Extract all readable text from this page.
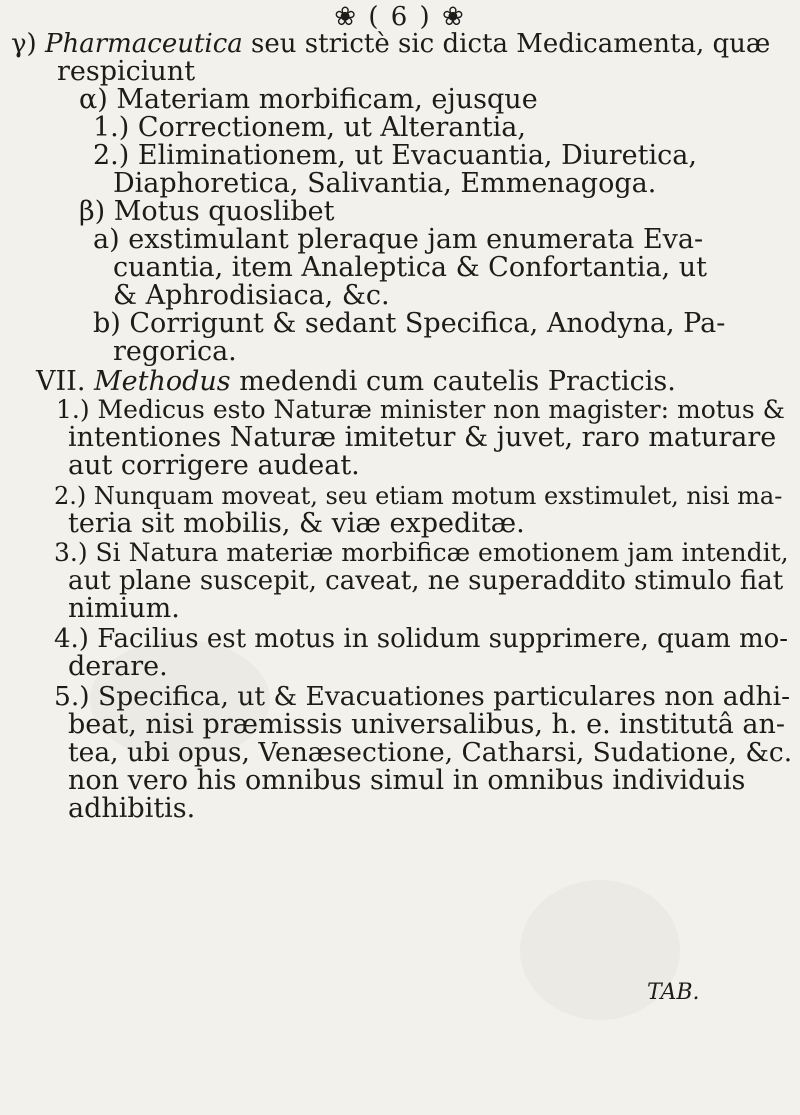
❀ ( 6 ) ❀
γ) Pharmaceutica seu strictè sic dicta Medicamenta, quæ
respiciunt
α) Materiam morbificam, ejusque
1.) Correctionem, ut Alterantia,
2.) Eliminationem, ut Evacuantia, Diuretica,
Diaphoretica, Salivantia, Emmenagoga.
β) Motus quoslibet
a) exstimulant pleraque jam enumerata Eva-
cuantia, item Analeptica & Confortantia, ut
& Aphrodisiaca, &c.
b) Corrigunt & sedant Specifica, Anodyna, Pa-
regorica.
VII. Methodus medendi cum cautelis Practicis.
1.) Medicus esto Naturæ minister non magister: motus &
intentiones Naturæ imitetur & juvet, raro maturare
aut corrigere audeat.
2.) Nunquam moveat, seu etiam motum exstimulet, nisi ma-
teria sit mobilis, & viæ expeditæ.
3.) Si Natura materiæ morbificæ emotionem jam intendit,
aut plane suscepit, caveat, ne superaddito stimulo fiat
nimium.
4.) Facilius est motus in solidum supprimere, quam mo-
derare.
5.) Specifica, ut & Evacuationes particulares non adhi-
beat, nisi præmissis universalibus, h. e. institutâ an-
tea, ubi opus, Venæsectione, Catharsi, Sudatione, &c.
non vero his omnibus simul in omnibus individuis
adhibitis.
TAB.
